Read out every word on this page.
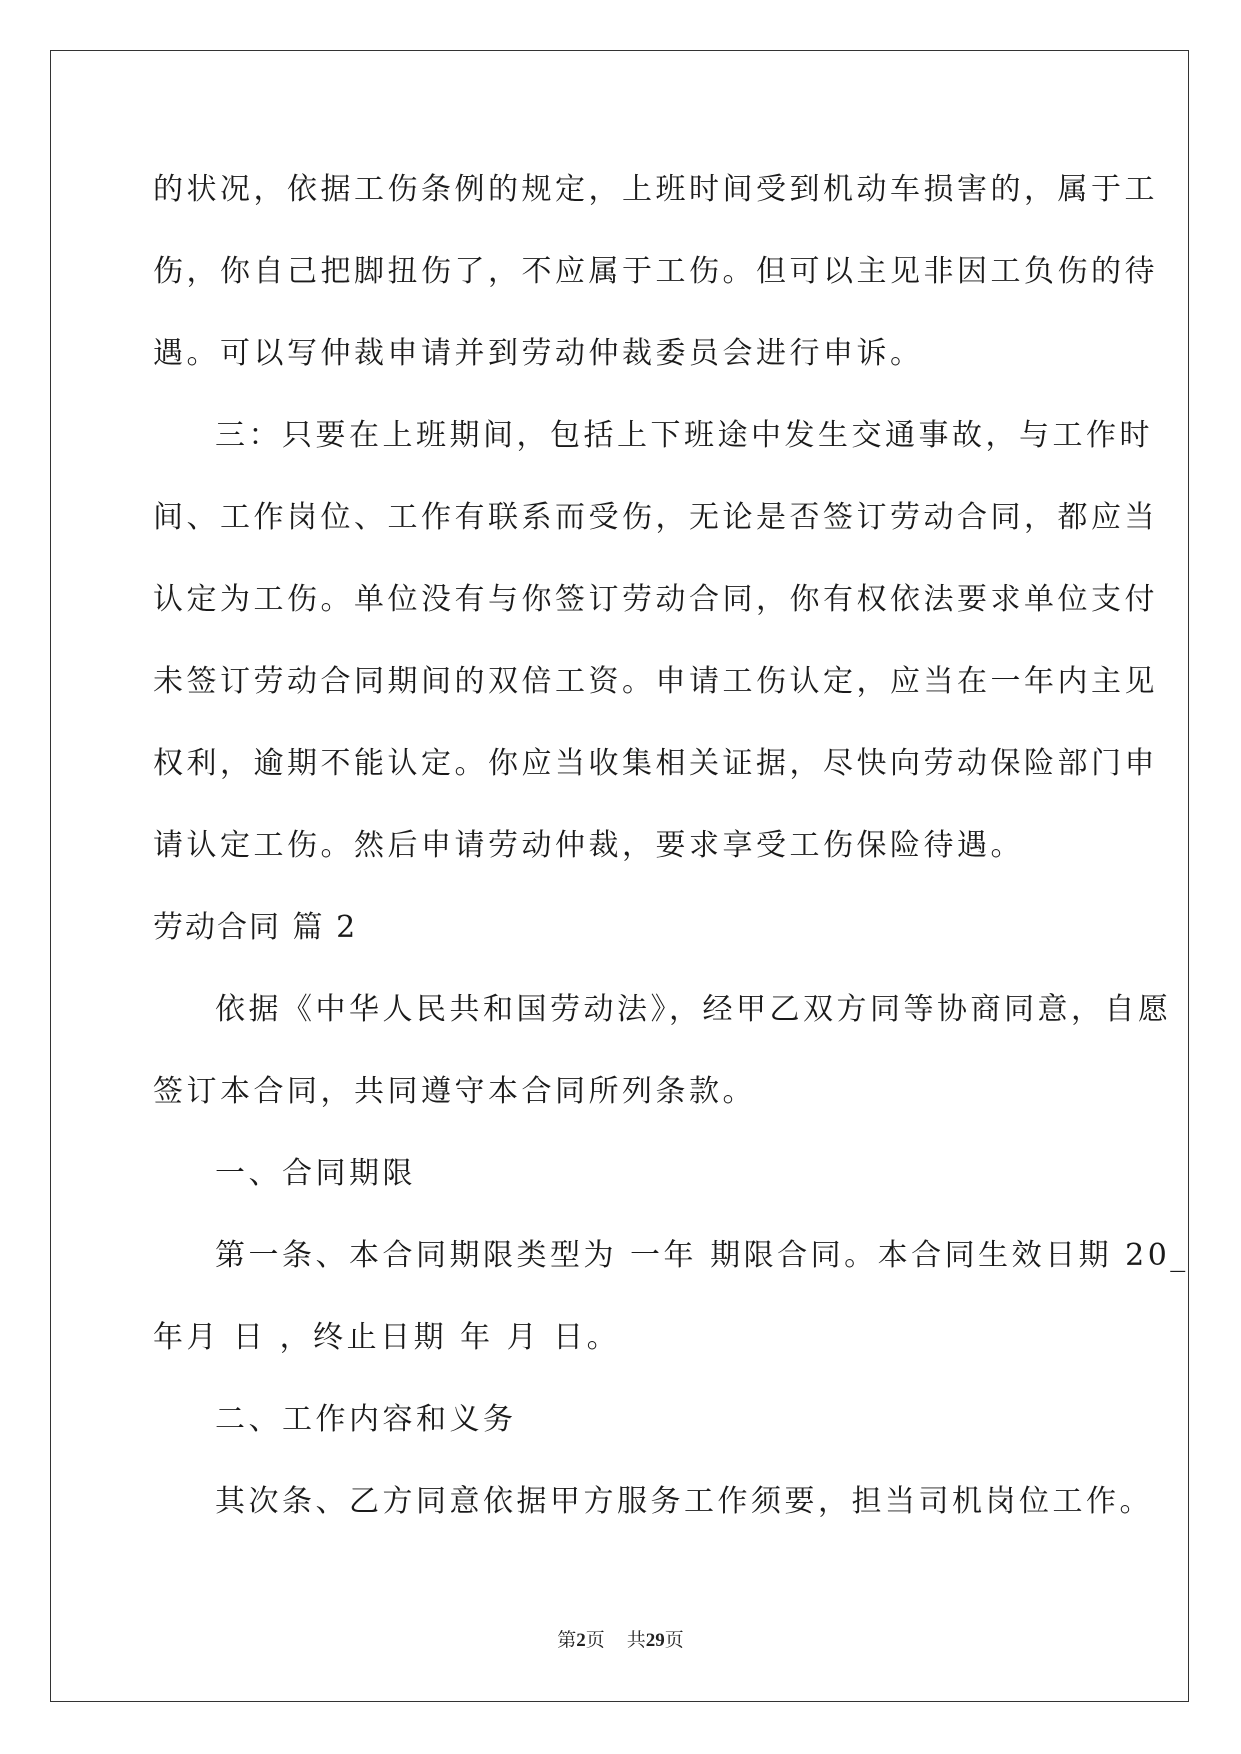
的状况，依据工伤条例的规定，上班时间受到机动车损害的，属于工
伤，你自己把脚扭伤了，不应属于工伤。但可以主见非因工负伤的待
遇。可以写仲裁申请并到劳动仲裁委员会进行申诉。
三：只要在上班期间，包括上下班途中发生交通事故，与工作时
间、工作岗位、工作有联系而受伤，无论是否签订劳动合同，都应当
认定为工伤。单位没有与你签订劳动合同，你有权依法要求单位支付
未签订劳动合同期间的双倍工资。申请工伤认定，应当在一年内主见
权利，逾期不能认定。你应当收集相关证据，尽快向劳动保险部门申
请认定工伤。然后申请劳动仲裁，要求享受工伤保险待遇。
劳动合同 篇 2
依据《中华人民共和国劳动法》，经甲乙双方同等协商同意，自愿
签订本合同，共同遵守本合同所列条款。
一、合同期限
第一条、本合同期限类型为 一年 期限合同。本合同生效日期 20_
年月 日 ，终止日期 年 月 日。
二、工作内容和义务
其次条、乙方同意依据甲方服务工作须要，担当司机岗位工作。
第2页 共29页
